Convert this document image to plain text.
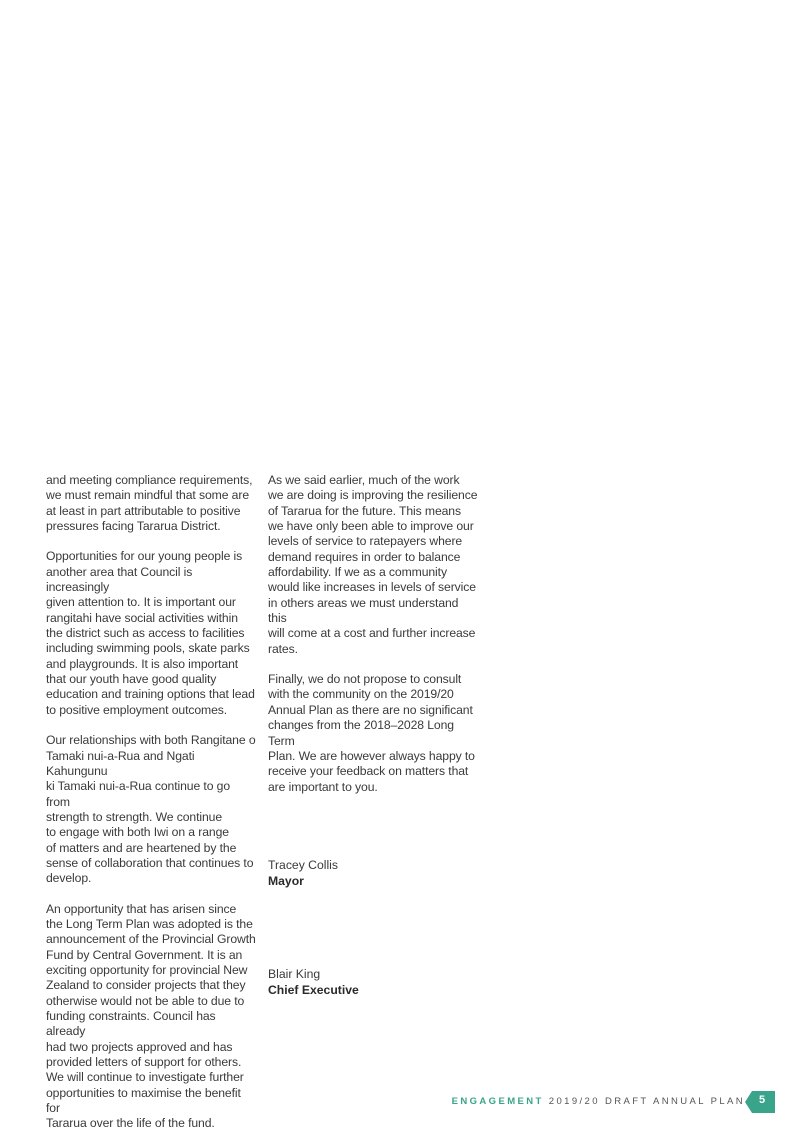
and meeting compliance requirements,
we must remain mindful that some are
at least in part attributable to positive
pressures facing Tararua District.

Opportunities for our young people is
another area that Council is increasingly
given attention to. It is important our
rangitahi have social activities within
the district such as access to facilities
including swimming pools, skate parks
and playgrounds. It is also important
that our youth have good quality
education and training options that lead
to positive employment outcomes.

Our relationships with both Rangitane o
Tamaki nui-a-Rua and Ngati Kahungunu
ki Tamaki nui-a-Rua continue to go from
strength to strength. We continue
to engage with both Iwi on a range
of matters and are heartened by the
sense of collaboration that continues to
develop.

An opportunity that has arisen since
the Long Term Plan was adopted is the
announcement of the Provincial Growth
Fund by Central Government. It is an
exciting opportunity for provincial New
Zealand to consider projects that they
otherwise would not be able to due to
funding constraints. Council has already
had two projects approved and has
provided letters of support for others.
We will continue to investigate further
opportunities to maximise the benefit for
Tararua over the life of the fund.

As we said earlier, much of the work
we are doing is improving the resilience
of Tararua for the future. This means
we have only been able to improve our
levels of service to ratepayers where
demand requires in order to balance
affordability. If we as a community
would like increases in levels of service
in others areas we must understand this
will come at a cost and further increase
rates.

Finally, we do not propose to consult
with the community on the 2019/20
Annual Plan as there are no significant
changes from the 2018–2028 Long Term
Plan. We are however always happy to
receive your feedback on matters that
are important to you.

Tracey Collis

Mayor

Blair King

Chief Executive

ENGAGEMENT 2019/20 DRAFT ANNUAL PLAN	5
